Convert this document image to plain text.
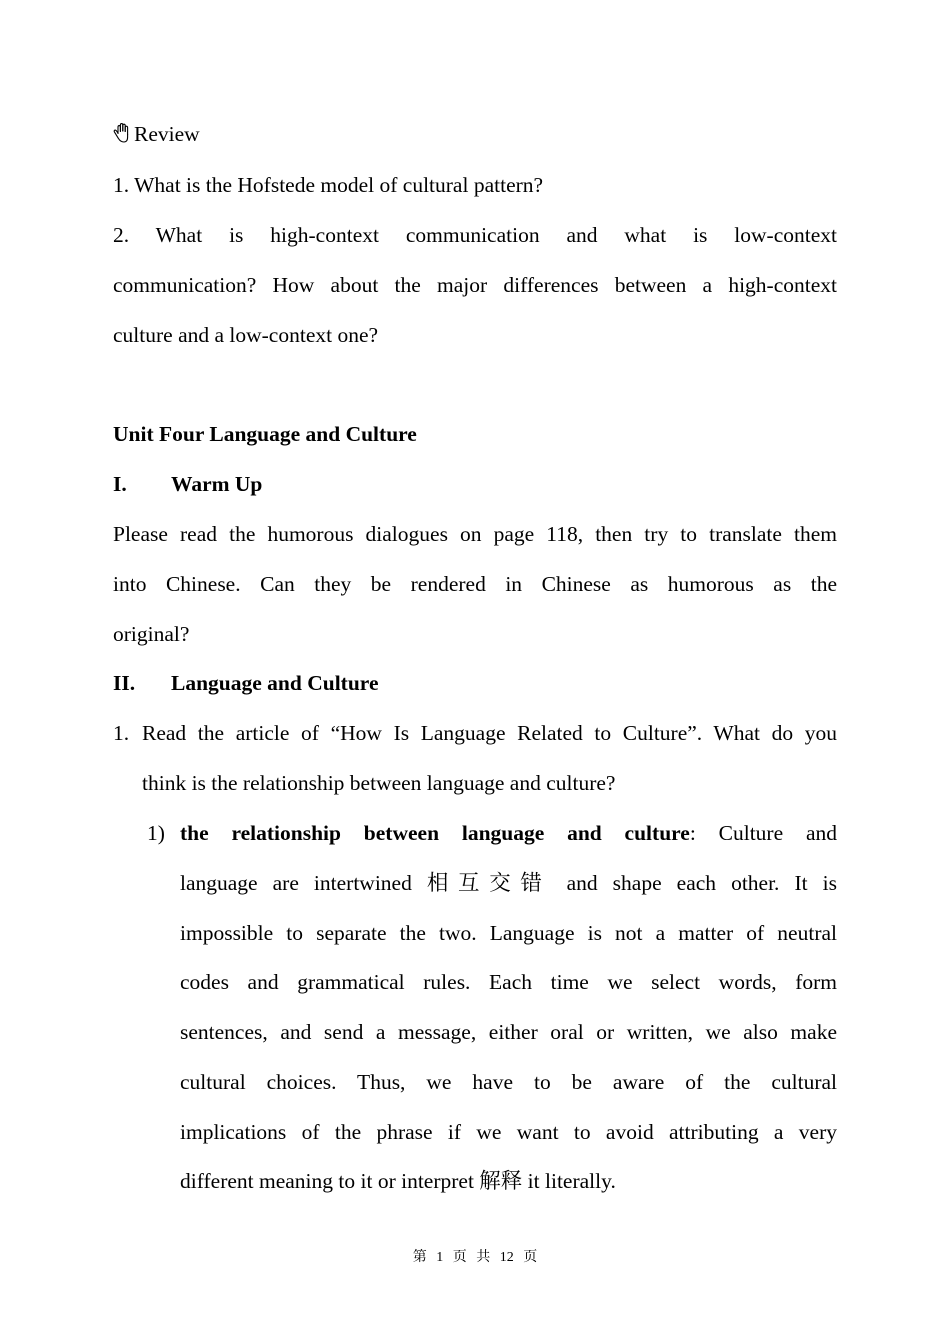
Review
1. What is the Hofstede model of cultural pattern?
2. What is high-context communication and what is low-context
communication? How about the major differences between a high-context
culture and a low-context one?
Unit Four Language and Culture
I. Warm Up
Please read the humorous dialogues on page 118, then try to translate them
into Chinese. Can they be rendered in Chinese as humorous as the
original?
II. Language and Culture
1. Read the article of “How Is Language Related to Culture”. What do you
think is the relationship between language and culture?
1) the relationship between language and culture: Culture and
language are intertwined 相互交错 and shape each other. It is
impossible to separate the two. Language is not a matter of neutral
codes and grammatical rules. Each time we select words, form
sentences, and send a message, either oral or written, we also make
cultural choices. Thus, we have to be aware of the cultural
implications of the phrase if we want to avoid attributing a very
different meaning to it or interpret 解释 it literally.
第 1 页 共 12 页
